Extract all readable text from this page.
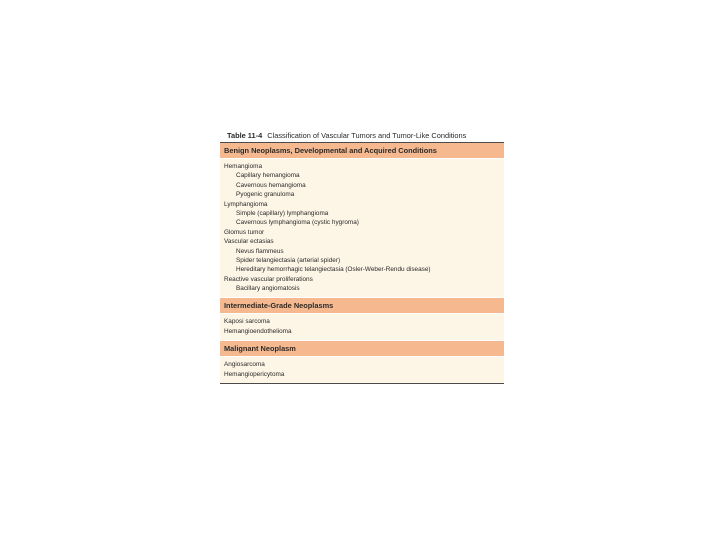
Table 11-4 Classification of Vascular Tumors and Tumor-Like Conditions
Benign Neoplasms, Developmental and Acquired Conditions
Hemangioma
Capillary hemangioma
Cavernous hemangioma
Pyogenic granuloma
Lymphangioma
Simple (capillary) lymphangioma
Cavernous lymphangioma (cystic hygroma)
Glomus tumor
Vascular ectasias
Nevus flammeus
Spider telangiectasia (arterial spider)
Hereditary hemorrhagic telangiectasia (Osler-Weber-Rendu disease)
Reactive vascular proliferations
Bacillary angiomatosis
Intermediate-Grade Neoplasms
Kaposi sarcoma
Hemangioendothelioma
Malignant Neoplasm
Angiosarcoma
Hemangiopericytoma
